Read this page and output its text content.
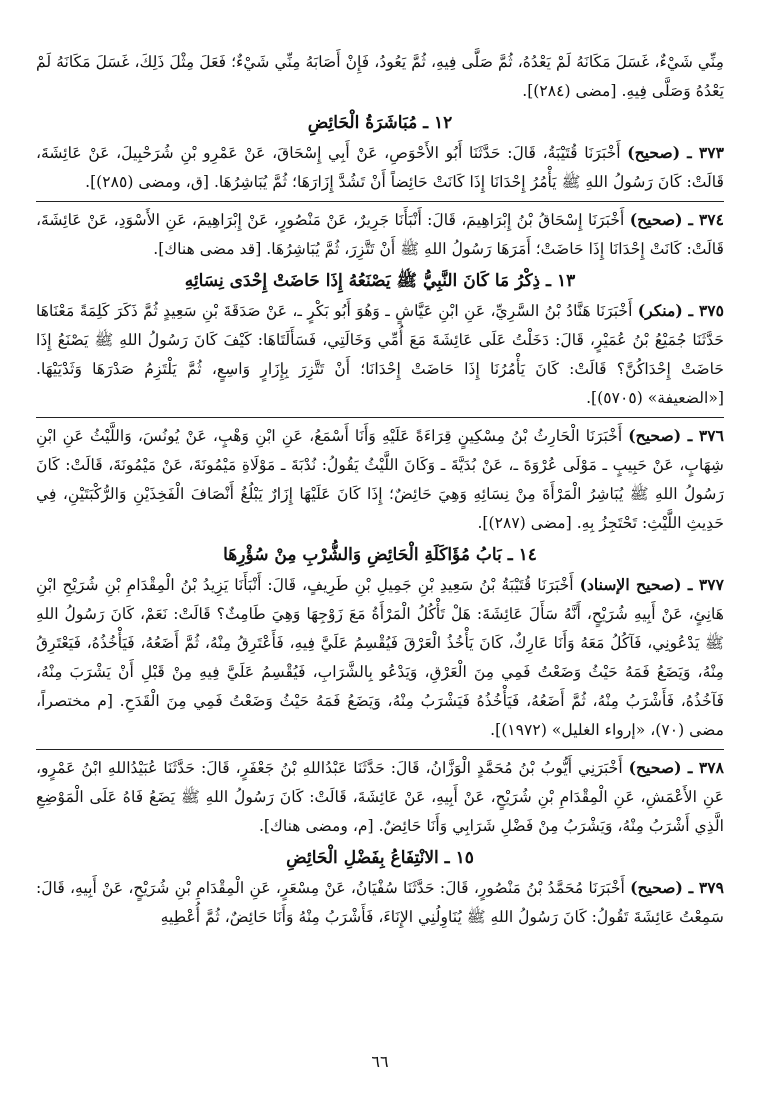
مِنِّي شَيْءٌ، غَسَلَ مَكَانَهُ لَمْ يَعْدُهُ، ثُمَّ صَلَّى فِيهِ، ثُمَّ يَعُودُ، فَإِنْ أَصَابَهُ مِنِّي شَيْءٌ؛ فَعَلَ مِثْلَ ذَلِكَ، غَسَلَ مَكَانَهُ لَمْ يَعْدُهُ وَصَلَّى فِيهِ. [مضى (٢٨٤)].

١٢ ـ مُبَاشَرَةُ الْحَائِضِ

٣٧٣ ـ (صحيح) أَخْبَرَنَا قُتَيْبَةُ، قَالَ: حَدَّثَنَا أَبُو الأَحْوَصِ، عَنْ أَبِي إِسْحَاقَ، عَنْ عَمْرِو بْنِ شُرَحْبِيلَ، عَنْ عَائِشَةَ، قَالَتْ: كَانَ رَسُولُ اللهِ ﷺ يَأْمُرُ إِحْدَانَا إِذَا كَانَتْ حَائِضاً أَنْ تَشُدَّ إِزَارَهَا؛ ثُمَّ يُبَاشِرُهَا. [ق، ومضى (٢٨٥)].

٣٧٤ ـ (صحيح) أَخْبَرَنَا إِسْحَاقُ بْنُ إِبْرَاهِيمَ، قَالَ: أَنْبَأَنَا جَرِيرٌ، عَنْ مَنْصُورٍ، عَنْ إِبْرَاهِيمَ، عَنِ الأَسْوَدِ، عَنْ عَائِشَةَ، قَالَتْ: كَانَتْ إِحْدَانَا إِذَا حَاضَتْ؛ أَمَرَهَا رَسُولُ اللهِ ﷺ أَنْ تَتَّزِرَ، ثُمَّ يُبَاشِرُهَا. [قد مضى هناك].

١٣ ـ ذِكْرُ مَا كَانَ النَّبِيُّ ﷺ يَصْنَعُهُ إِذَا حَاضَتْ إِحْدَى نِسَائِهِ

٣٧٥ ـ (منكر) أَخْبَرَنَا هَنَّادُ بْنُ السَّرِيِّ، عَنِ ابْنِ عَيَّاشٍ ـ وَهُوَ أَبُو بَكْرٍ ـ، عَنْ صَدَقَةَ بْنِ سَعِيدٍ ثُمَّ ذَكَرَ كَلِمَةً مَعْنَاهَا حَدَّثَنَا جُمَيْعُ بْنُ عُمَيْرٍ، قَالَ: دَخَلْتُ عَلَى عَائِشَةَ مَعَ أُمِّي وَخَالَتِي، فَسَأَلَتَاهَا: كَيْفَ كَانَ رَسُولُ اللهِ ﷺ يَصْنَعُ إِذَا حَاضَتْ إِحْدَاكُنَّ؟ قَالَتْ: كَانَ يَأْمُرُنَا إِذَا حَاضَتْ إِحْدَانَا؛ أَنْ تَتَّزِرَ بِإِزَارٍ وَاسِعٍ، ثُمَّ يَلْتَزِمُ صَدْرَهَا وَثَدْيَيْهَا. [«الضعيفة» (٥٧٠٥)].

٣٧٦ ـ (صحيح) أَخْبَرَنَا الْحَارِثُ بْنُ مِسْكِينٍ قِرَاءَةً عَلَيْهِ وَأَنَا أَسْمَعُ، عَنِ ابْنِ وَهْبٍ، عَنْ يُونُسَ، وَاللَّيْثُ عَنِ ابْنِ شِهَابٍ، عَنْ حَبِيبٍ ـ مَوْلَى عُرْوَةَ ـ، عَنْ بُدَيَّةَ ـ وَكَانَ اللَّيْثُ يَقُولُ: نُدْبَةَ ـ مَوْلَاةِ مَيْمُونَةَ، عَنْ مَيْمُونَةَ، قَالَتْ: كَانَ رَسُولُ اللهِ ﷺ يُبَاشِرُ الْمَرْأَةَ مِنْ نِسَائِهِ وَهِيَ حَائِضٌ؛ إِذَا كَانَ عَلَيْهَا إِزَارٌ يَبْلُغُ أَنْصَافَ الْفَخِذَيْنِ وَالرُّكْبَتَيْنِ، فِي حَدِيثِ اللَّيْثِ: تَحْتَجِزُ بِهِ. [مضى (٢٨٧)].

١٤ ـ بَابُ مُؤَاكَلَةِ الْحَائِضِ وَالشُّرْبِ مِنْ سُؤْرِهَا

٣٧٧ ـ (صحيح الإسناد) أَخْبَرَنَا قُتَيْبَةُ بْنُ سَعِيدِ بْنِ جَمِيلِ بْنِ طَرِيفٍ، قَالَ: أَنْبَأَنَا يَزِيدُ بْنُ الْمِقْدَامِ بْنِ شُرَيْحِ ابْنِ هَانِئٍ، عَنْ أَبِيهِ شُرَيْحٍ، أَنَّهُ سَأَلَ عَائِشَةَ: هَلْ تَأْكُلُ الْمَرْأَةُ مَعَ زَوْجِهَا وَهِيَ طَامِثٌ؟ قَالَتْ: نَعَمْ، كَانَ رَسُولُ اللهِ ﷺ يَدْعُونِي، فَآكُلُ مَعَهُ وَأَنَا عَارِكٌ، كَانَ يَأْخُذُ الْعَرْقَ فَيُقْسِمُ عَلَيَّ فِيهِ، فَأَعْتَرِقُ مِنْهُ، ثُمَّ أَضَعُهُ، فَيَأْخُذُهُ، فَيَعْتَرِقُ مِنْهُ، وَيَضَعُ فَمَهُ حَيْثُ وَضَعْتُ فَمِي مِنَ الْعَرْقِ، وَيَدْعُو بِالشَّرَابِ، فَيُقْسِمُ عَلَيَّ فِيهِ مِنْ قَبْلِ أَنْ يَشْرَبَ مِنْهُ، فَآخُذُهُ، فَأَشْرَبُ مِنْهُ، ثُمَّ أَضَعُهُ، فَيَأْخُذُهُ فَيَشْرَبُ مِنْهُ، وَيَضَعُ فَمَهُ حَيْثُ وَضَعْتُ فَمِي مِنَ الْقَدَحِ. [م مختصراً، مضى (٧٠)، «إرواء الغليل» (١٩٧٢)].

٣٧٨ ـ (صحيح) أَخْبَرَنِي أَيُّوبُ بْنُ مُحَمَّدٍ الْوَزَّانُ، قَالَ: حَدَّثَنَا عَبْدُاللهِ بْنُ جَعْفَرٍ، قَالَ: حَدَّثَنَا عُبَيْدُاللهِ ابْنُ عَمْرٍو، عَنِ الأَعْمَشِ، عَنِ الْمِقْدَامِ بْنِ شُرَيْحٍ، عَنْ أَبِيهِ، عَنْ عَائِشَةَ، قَالَتْ: كَانَ رَسُولُ اللهِ ﷺ يَضَعُ فَاهُ عَلَى الْمَوْضِعِ الَّذِي أَشْرَبُ مِنْهُ، وَيَشْرَبُ مِنْ فَضْلِ شَرَابِي وَأَنَا حَائِضٌ. [م، ومضى هناك].

١٥ ـ الانْتِفَاعُ بِفَضْلِ الْحَائِضِ

٣٧٩ ـ (صحيح) أَخْبَرَنَا مُحَمَّدُ بْنُ مَنْصُورٍ، قَالَ: حَدَّثَنَا سُفْيَانُ، عَنْ مِسْعَرٍ، عَنِ الْمِقْدَامِ بْنِ شُرَيْحٍ، عَنْ أَبِيهِ، قَالَ: سَمِعْتُ عَائِشَةَ تَقُولُ: كَانَ رَسُولُ اللهِ ﷺ يُنَاوِلُنِي الإِنَاءَ، فَأَشْرَبُ مِنْهُ وَأَنَا حَائِضٌ، ثُمَّ أُعْطِيهِ

٦٦
